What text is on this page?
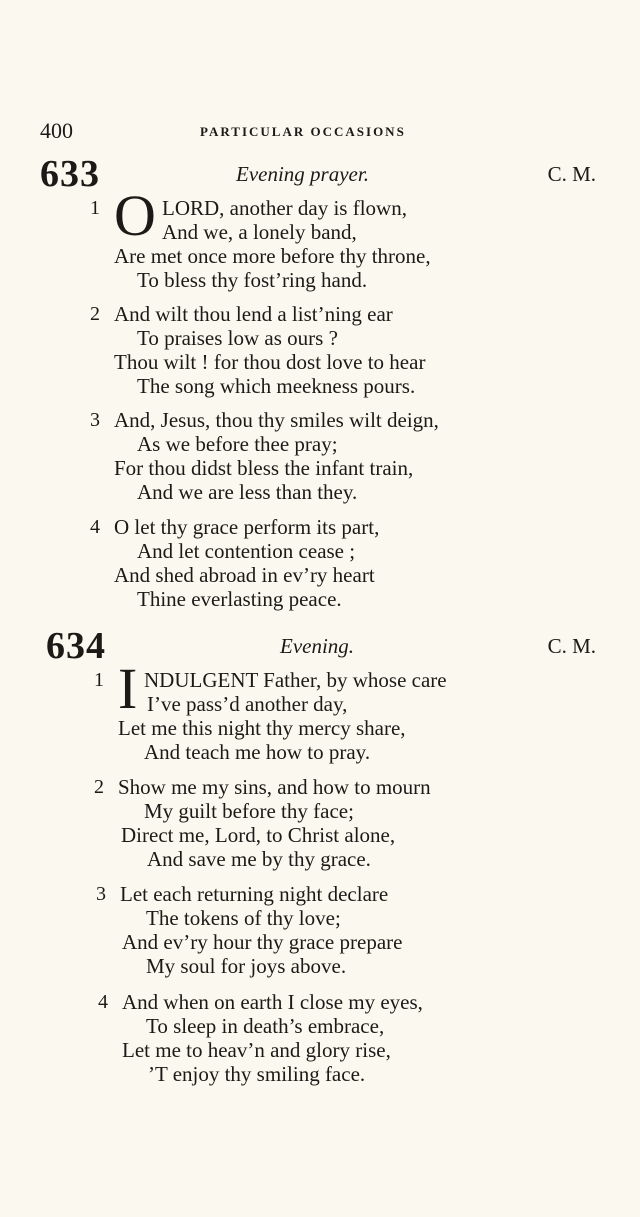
400	PARTICULAR OCCASIONS
633	Evening prayer.	C. M.
1 O LORD, another day is flown,
And we, a lonely band,
Are met once more before thy throne,
To bless thy fost’ring hand.
2 And wilt thou lend a list’ning ear
To praises low as ours ?
Thou wilt ! for thou dost love to hear
The song which meekness pours.
3 And, Jesus, thou thy smiles wilt deign,
As we before thee pray;
For thou didst bless the infant train,
And we are less than they.
4 O let thy grace perform its part,
And let contention cease ;
And shed abroad in ev’ry heart
Thine everlasting peace.
634	Evening.	C. M.
1 I NDULGENT Father, by whose care
I’ve pass’d another day,
Let me this night thy mercy share,
And teach me how to pray.
2 Show me my sins, and how to mourn
My guilt before thy face;
Direct me, Lord, to Christ alone,
And save me by thy grace.
3 Let each returning night declare
The tokens of thy love;
And ev’ry hour thy grace prepare
My soul for joys above.
4 And when on earth I close my eyes,
To sleep in death’s embrace,
Let me to heav’n and glory rise,
’T enjoy thy smiling face.
